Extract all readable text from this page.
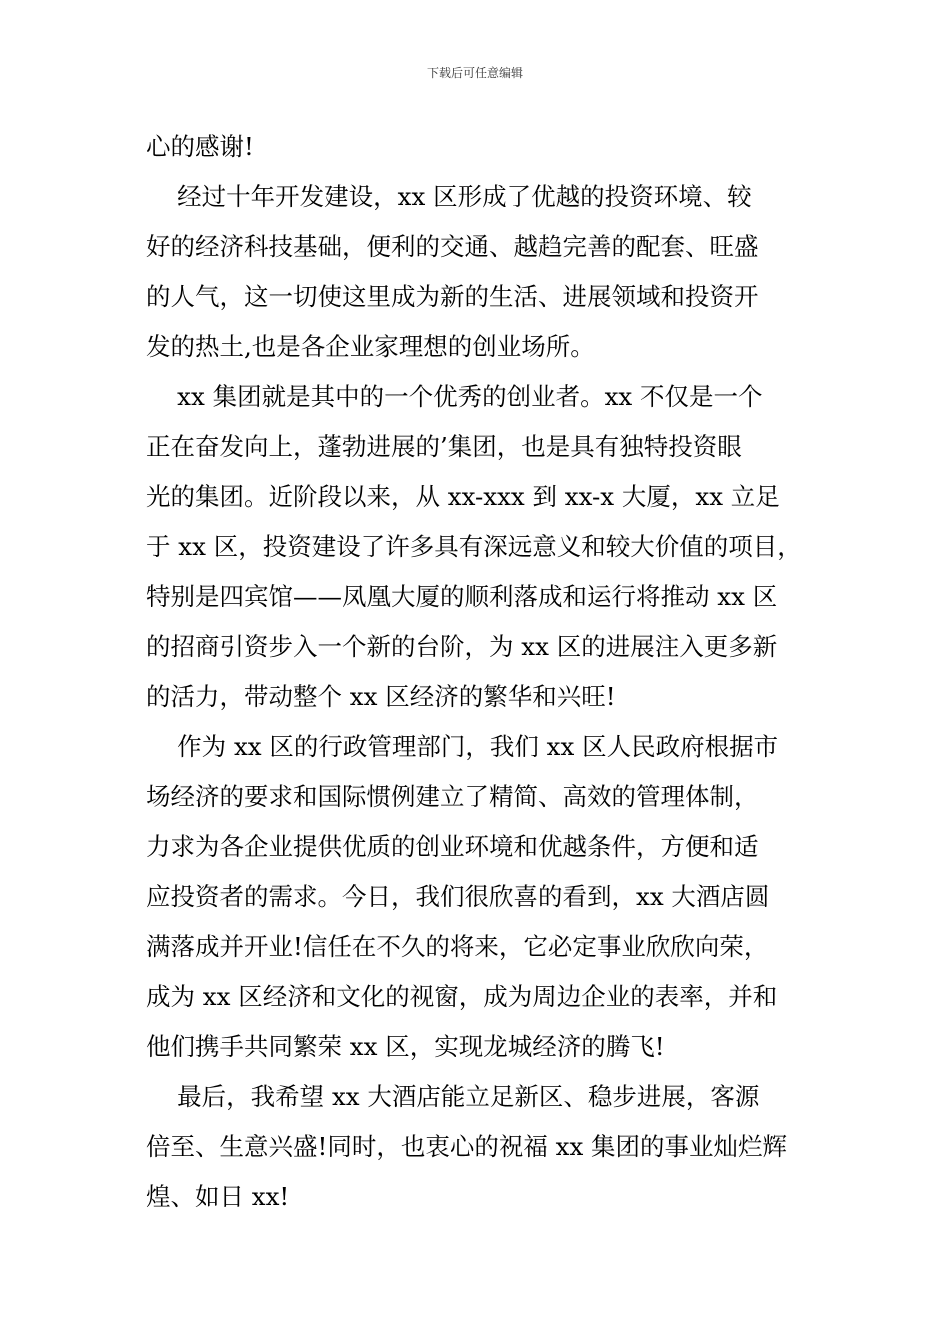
下载后可任意编辑

心的感谢!

经过十年开发建设，xx 区形成了优越的投资环境、较

好的经济科技基础，便利的交通、越趋完善的配套、旺盛

的人气，这一切使这里成为新的生活、进展领域和投资开

发的热土,也是各企业家理想的创业场所。

xx 集团就是其中的一个优秀的创业者。xx 不仅是一个

正在奋发向上，蓬勃进展的’集团，也是具有独特投资眼

光的集团。近阶段以来，从 xx-xxx 到 xx-x 大厦，xx 立足

于 xx 区，投资建设了许多具有深远意义和较大价值的项目，

特别是四宾馆——凤凰大厦的顺利落成和运行将推动 xx 区

的招商引资步入一个新的台阶，为 xx 区的进展注入更多新

的活力，带动整个 xx 区经济的繁华和兴旺!

作为 xx 区的行政管理部门，我们 xx 区人民政府根据市

场经济的要求和国际惯例建立了精简、高效的管理体制，

力求为各企业提供优质的创业环境和优越条件，方便和适

应投资者的需求。今日，我们很欣喜的看到，xx 大酒店圆

满落成并开业!信任在不久的将来，它必定事业欣欣向荣，

成为 xx 区经济和文化的视窗，成为周边企业的表率，并和

他们携手共同繁荣 xx 区，实现龙城经济的腾飞!

最后，我希望 xx 大酒店能立足新区、稳步进展，客源

倍至、生意兴盛!同时，也衷心的祝福 xx 集团的事业灿烂辉

煌、如日 xx!
